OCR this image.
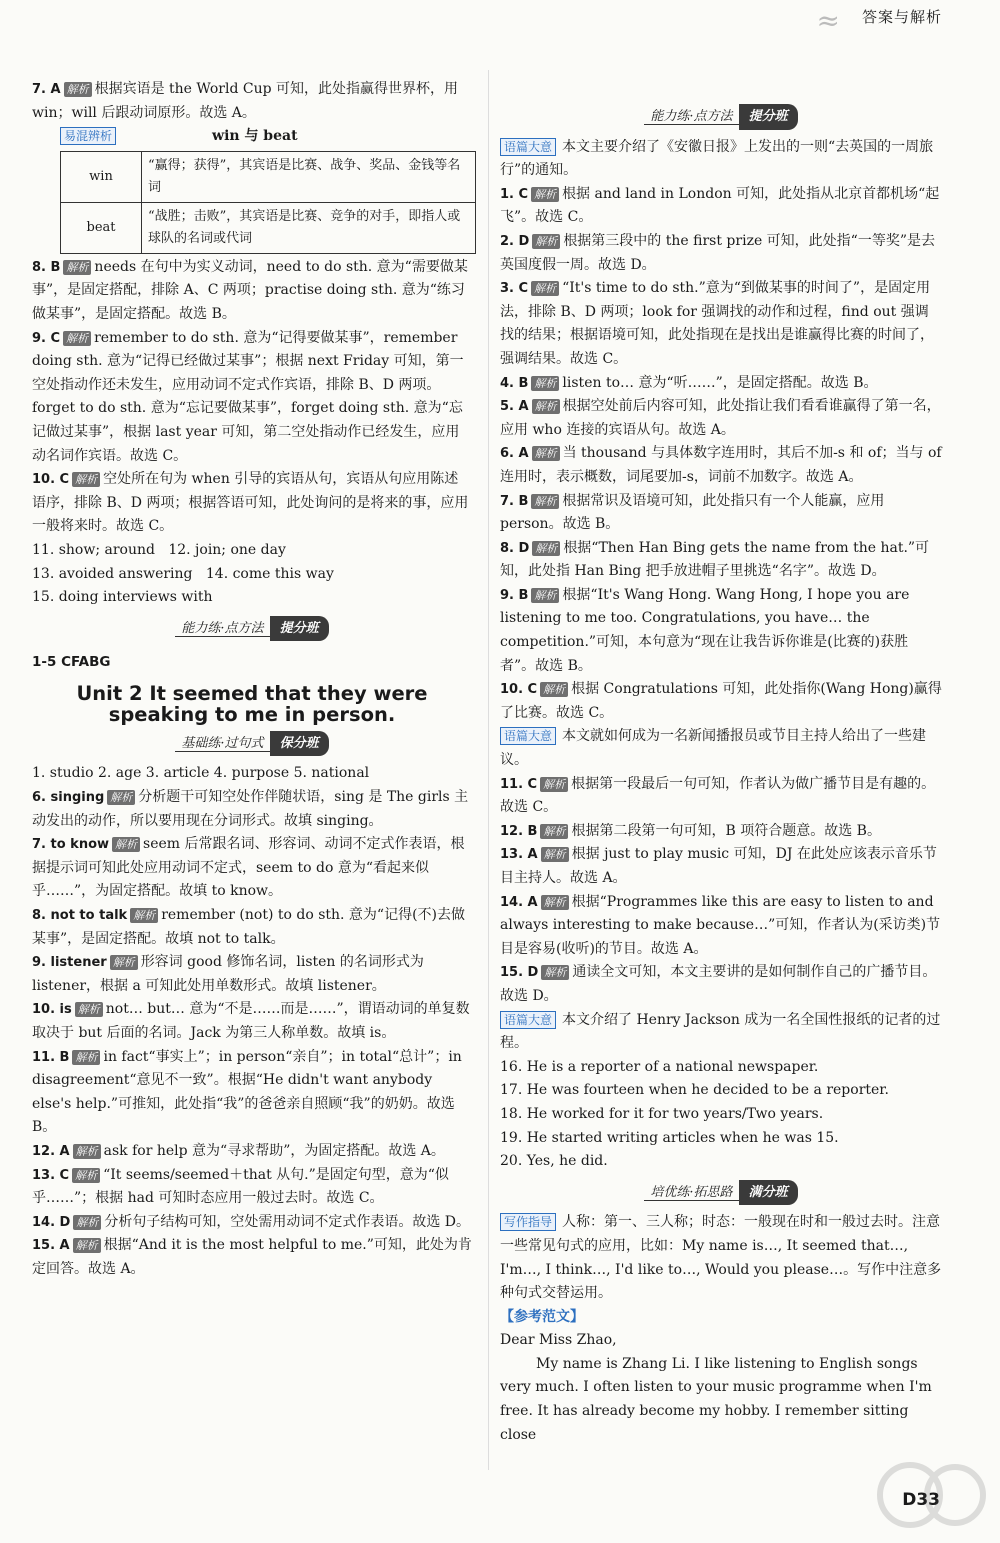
≈ 答案与解析

7. A 解析 根据宾语是 the World Cup 可知，此处指赢得世界杯，用 win；will 后跟动词原形。故选 A。

易混辨析	win 与 beat

win	“赢得；获得”，其宾语是比赛、战争、奖品、金钱等名词
beat	“战胜；击败”，其宾语是比赛、竞争的对手，即指人或球队的名词或代词

8. B 解析 needs 在句中为实义动词，need to do sth. 意为“需要做某事”，是固定搭配，排除 A、C 两项；practise doing sth. 意为“练习做某事”，是固定搭配。故选 B。

9. C 解析 remember to do sth. 意为“记得要做某事”，remember doing sth. 意为“记得已经做过某事”；根据 next Friday 可知，第一空处指动作还未发生，应用动词不定式作宾语，排除 B、D 两项。forget to do sth. 意为“忘记要做某事”，forget doing sth. 意为“忘记做过某事”，根据 last year 可知，第二空处指动作已经发生，应用动名词作宾语。故选 C。

10. C 解析 空处所在句为 when 引导的宾语从句，宾语从句应用陈述语序，排除 B、D 两项；根据答语可知，此处询问的是将来的事，应用一般将来时。故选 C。

11. show; around 12. join; one day

13. avoided answering 14. come this way

15. doing interviews with

能力练·点方法 提分班

1-5 CFABG

Unit 2 It seemed that they were
speaking to me in person.
基础练·过句式 保分班

1. studio 2. age 3. article 4. purpose 5. national

6. singing 解析 分析题干可知空处作伴随状语，sing 是 The girls 主动发出的动作，所以要用现在分词形式。故填 singing。

7. to know 解析 seem 后常跟名词、形容词、动词不定式作表语，根据提示词可知此处应用动词不定式，seem to do 意为“看起来似乎……”，为固定搭配。故填 to know。

8. not to talk 解析 remember (not) to do sth. 意为“记得(不)去做某事”，是固定搭配。故填 not to talk。

9. listener 解析 形容词 good 修饰名词，listen 的名词形式为 listener，根据 a 可知此处用单数形式。故填 listener。

10. is 解析 not… but… 意为“不是……而是……”，谓语动词的单复数取决于 but 后面的名词。Jack 为第三人称单数。故填 is。

11. B 解析 in fact“事实上”；in person“亲自”；in total“总计”；in disagreement“意见不一致”。根据“He didn't want anybody else's help.”可推知，此处指“我”的爸爸亲自照顾“我”的奶奶。故选 B。

12. A 解析 ask for help 意为“寻求帮助”，为固定搭配。故选 A。

13. C 解析 “It seems/seemed＋that 从句.”是固定句型，意为“似乎……”；根据 had 可知时态应用一般过去时。故选 C。

14. D 解析 分析句子结构可知，空处需用动词不定式作表语。故选 D。

15. A 解析 根据“And it is the most helpful to me.”可知，此处为肯定回答。故选 A。

能力练·点方法 提分班

语篇大意 本文主要介绍了《安徽日报》上发出的一则“去英国的一周旅行”的通知。

1. C 解析 根据 and land in London 可知，此处指从北京首都机场“起飞”。故选 C。

2. D 解析 根据第三段中的 the first prize 可知，此处指“一等奖”是去英国度假一周。故选 D。

3. C 解析 “It's time to do sth.”意为“到做某事的时间了”，是固定用法，排除 B、D 两项；look for 强调找的动作和过程，find out 强调找的结果；根据语境可知，此处指现在是找出是谁赢得比赛的时间了，强调结果。故选 C。

4. B 解析 listen to… 意为“听……”，是固定搭配。故选 B。

5. A 解析 根据空处前后内容可知，此处指让我们看看谁赢得了第一名，应用 who 连接的宾语从句。故选 A。

6. A 解析 当 thousand 与具体数字连用时，其后不加-s 和 of；当与 of 连用时，表示概数，词尾要加-s，词前不加数字。故选 A。

7. B 解析 根据常识及语境可知，此处指只有一个人能赢，应用 person。故选 B。

8. D 解析 根据“Then Han Bing gets the name from the hat.”可知，此处指 Han Bing 把手放进帽子里挑选“名字”。故选 D。

9. B 解析 根据“It's Wang Hong. Wang Hong, I hope you are listening to me too. Congratulations, you have… the competition.”可知，本句意为“现在让我告诉你谁是(比赛的)获胜者”。故选 B。

10. C 解析 根据 Congratulations 可知，此处指你(Wang Hong)赢得了比赛。故选 C。

语篇大意 本文就如何成为一名新闻播报员或节目主持人给出了一些建议。

11. C 解析 根据第一段最后一句可知，作者认为做广播节目是有趣的。故选 C。

12. B 解析 根据第二段第一句可知，B 项符合题意。故选 B。

13. A 解析 根据 just to play music 可知，DJ 在此处应该表示音乐节目主持人。故选 A。

14. A 解析 根据“Programmes like this are easy to listen to and always interesting to make because…”可知，作者认为(采访类)节目是容易(收听)的节目。故选 A。

15. D 解析 通读全文可知，本文主要讲的是如何制作自己的广播节目。故选 D。

语篇大意 本文介绍了 Henry Jackson 成为一名全国性报纸的记者的过程。

16. He is a reporter of a national newspaper.

17. He was fourteen when he decided to be a reporter.

18. He worked for it for two years/Two years.

19. He started writing articles when he was 15.

20. Yes, he did.

培优练·拓思路 满分班

写作指导 人称：第一、三人称；时态：一般现在时和一般过去时。注意一些常见句式的应用，比如：My name is…, It seemed that…, I'm…, I think…, I'd like to…, Would you please…。写作中注意多种句式交替运用。

【参考范文】

Dear Miss Zhao,

My name is Zhang Li. I like listening to English songs very much. I often listen to your music programme when I'm free. It has already become my hobby. I remember sitting close

D33
